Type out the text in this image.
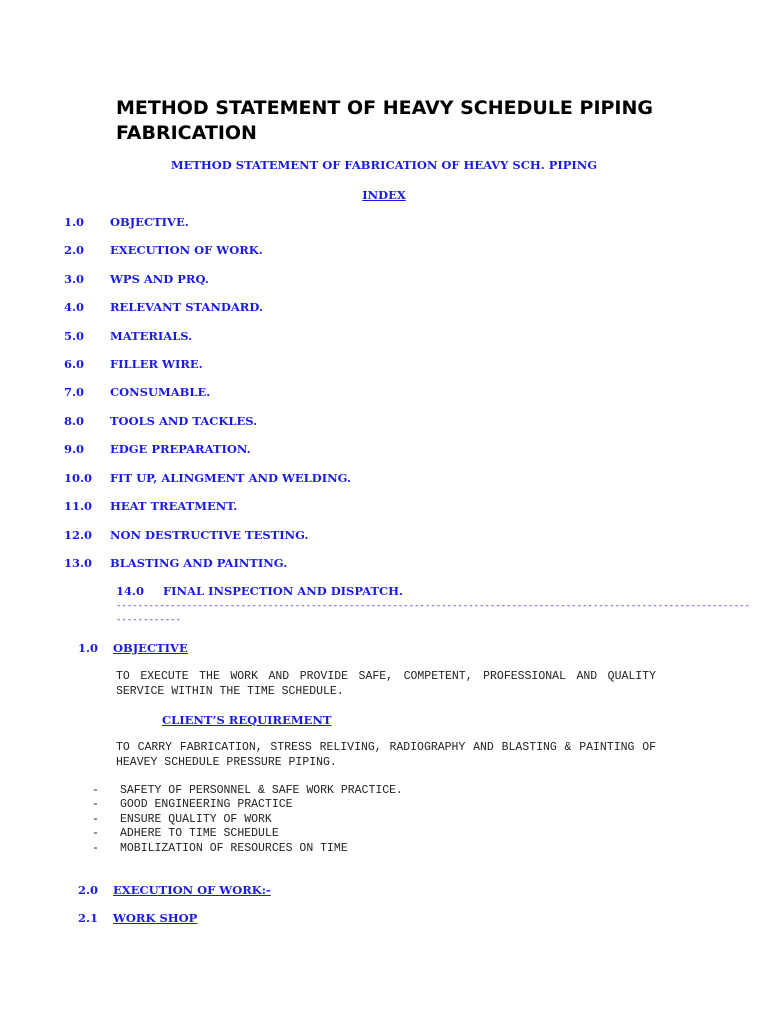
METHOD STATEMENT OF HEAVY SCHEDULE PIPING FABRICATION
METHOD STATEMENT OF FABRICATION OF HEAVY SCH. PIPING
INDEX
1.0 OBJECTIVE.
2.0 EXECUTION OF WORK.
3.0 WPS AND PRQ.
4.0 RELEVANT STANDARD.
5.0 MATERIALS.
6.0 FILLER WIRE.
7.0 CONSUMABLE.
8.0 TOOLS AND TACKLES.
9.0 EDGE PREPARATION.
10.0 FIT UP, ALINGMENT AND WELDING.
11.0 HEAT TREATMENT.
12.0 NON DESTRUCTIVE TESTING.
13.0 BLASTING AND PAINTING.
14.0 FINAL INSPECTION AND DISPATCH.
---------------------------------------------------------------------------------------------------------------------
------------
1.0 OBJECTIVE
TO EXECUTE THE WORK AND PROVIDE SAFE, COMPETENT, PROFESSIONAL AND QUALITY SERVICE WITHIN THE TIME SCHEDULE.
CLIENT’S REQUIREMENT
TO CARRY FABRICATION, STRESS RELIVING, RADIOGRAPHY AND BLASTING & PAINTING OF HEAVEY SCHEDULE PRESSURE PIPING.
- SAFETY OF PERSONNEL & SAFE WORK PRACTICE.
- GOOD ENGINEERING PRACTICE
- ENSURE QUALITY OF WORK
- ADHERE TO TIME SCHEDULE
- MOBILIZATION OF RESOURCES ON TIME
2.0 EXECUTION OF WORK:-
2.1 WORK SHOP
